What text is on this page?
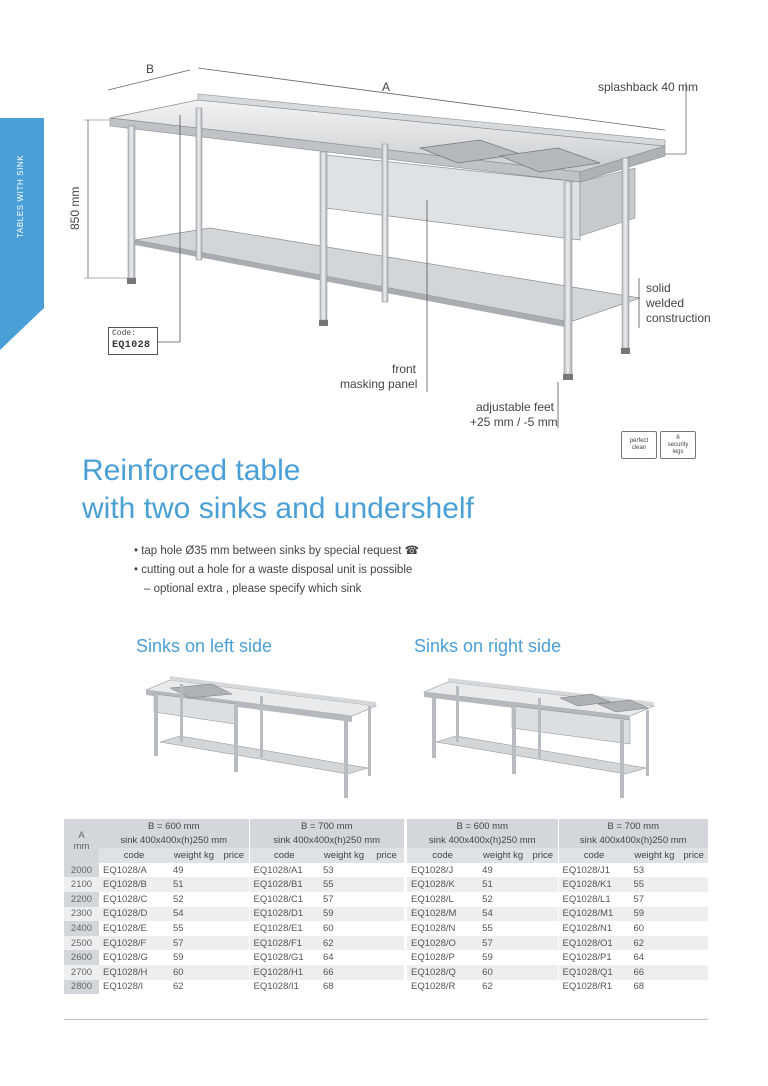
TABLES WITH SINK
B
A
850 mm
splashback 40 mm
solid
welded
construction
front
masking panel
adjustable feet
+25 mm / -5 mm
Code:
EQ1028
perfect
clean
6
security
legs
Reinforced table
with two sinks and undershelf
• tap hole Ø35 mm between sinks by special request ☎
• cutting out a hole for a waste disposal unit is possible
– optional extra , please specify which sink
Sinks on left side	Sinks on right side
A
mm	B = 600 mm			B = 700 mm		
	sink 400x400x(h)250 mm			sink 400x400x(h)250 mm		
	code	weight kg	price	code	weight kg	price
2000	EQ1028/A	49		EQ1028/A1	53	
2100	EQ1028/B	51		EQ1028/B1	55	
2200	EQ1028/C	52		EQ1028/C1	57	
2300	EQ1028/D	54		EQ1028/D1	59	
2400	EQ1028/E	55		EQ1028/E1	60	
2500	EQ1028/F	57		EQ1028/F1	62	
2600	EQ1028/G	59		EQ1028/G1	64	
2700	EQ1028/H	60		EQ1028/H1	66	
2800	EQ1028/I	62		EQ1028/I1	68	
B = 600 mm			B = 700 mm		
sink 400x400x(h)250 mm			sink 400x400x(h)250 mm		
code	weight kg	price	code	weight kg	price
EQ1028/J	49		EQ1028/J1	53	
EQ1028/K	51		EQ1028/K1	55	
EQ1028/L	52		EQ1028/L1	57	
EQ1028/M	54		EQ1028/M1	59	
EQ1028/N	55		EQ1028/N1	60	
EQ1028/O	57		EQ1028/O1	62	
EQ1028/P	59		EQ1028/P1	64	
EQ1028/Q	60		EQ1028/Q1	66	
EQ1028/R	62		EQ1028/R1	68	
